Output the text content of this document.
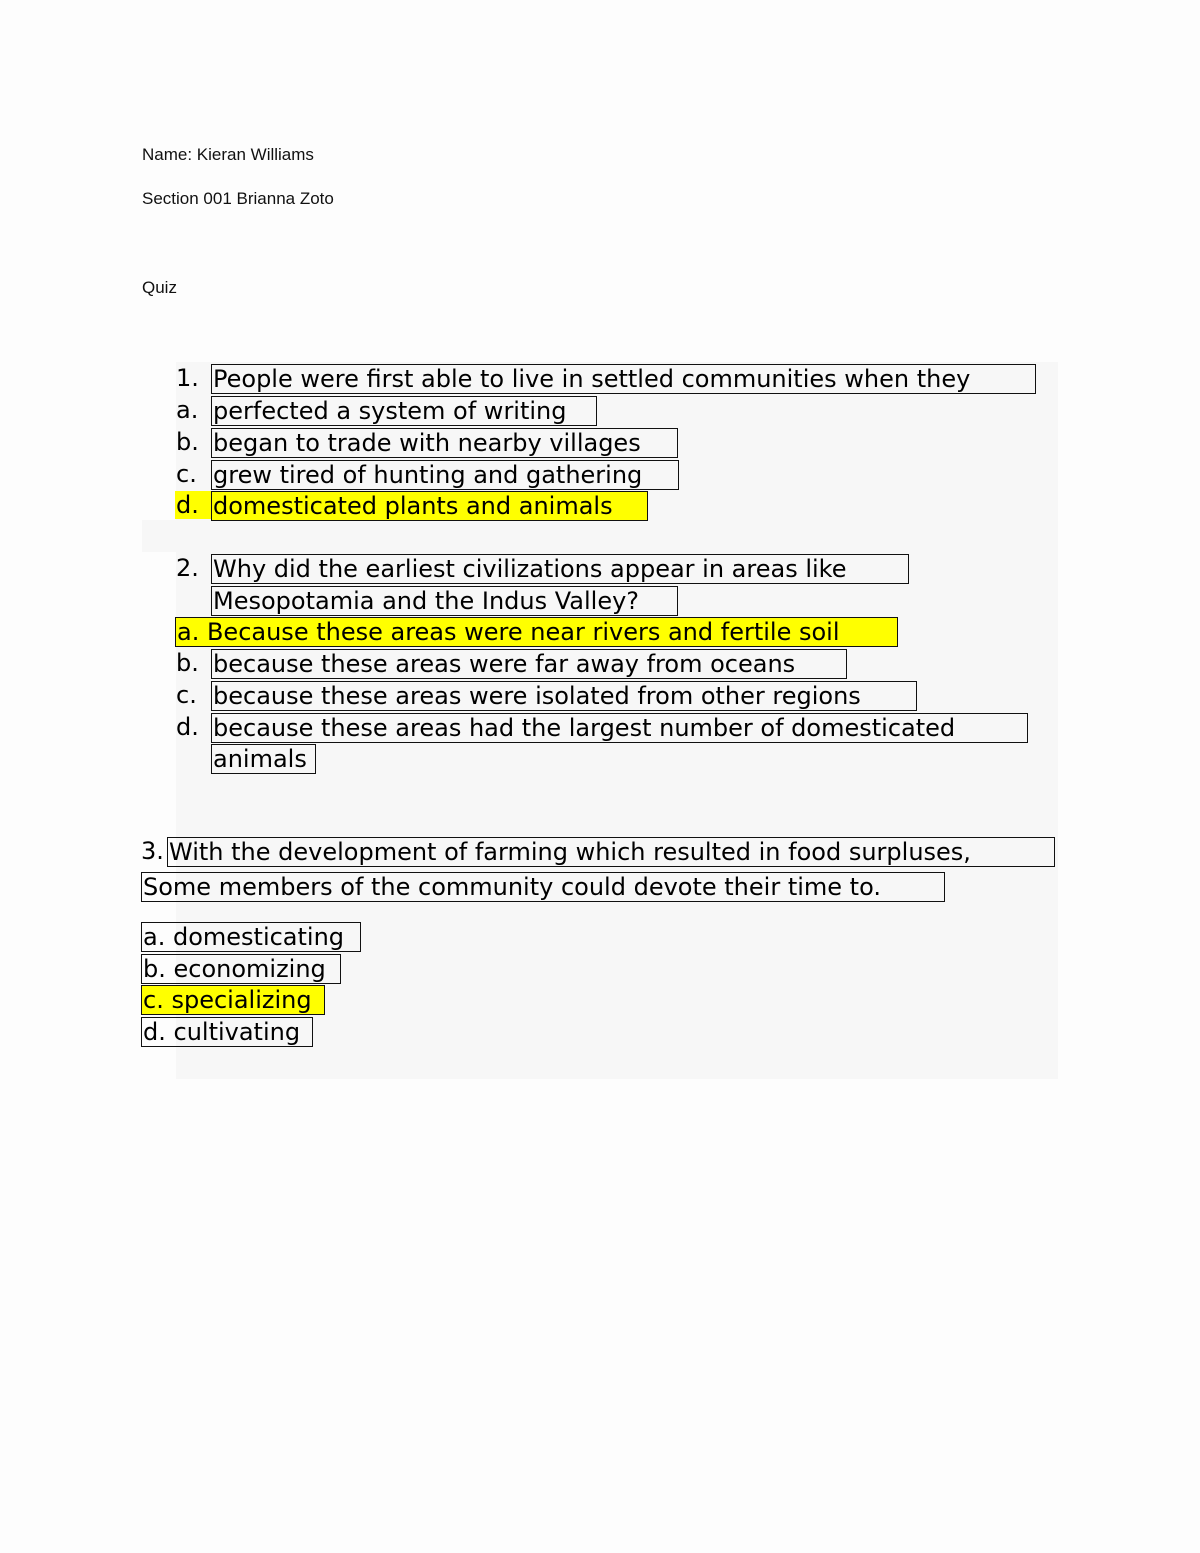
Name: Kieran Williams
Section 001 Brianna Zoto
Quiz
1. People were first able to live in settled communities when they
a. perfected a system of writing
b. began to trade with nearby villages
c. grew tired of hunting and gathering
d. domesticated plants and animals
2. Why did the earliest civilizations appear in areas like
Mesopotamia and the Indus Valley?
a. Because these areas were near rivers and fertile soil
b. because these areas were far away from oceans
c. because these areas were isolated from other regions
d. because these areas had the largest number of domesticated
animals
3. With the development of farming which resulted in food surpluses,
Some members of the community could devote their time to.
a. domesticating
b. economizing
c. specializing
d. cultivating
